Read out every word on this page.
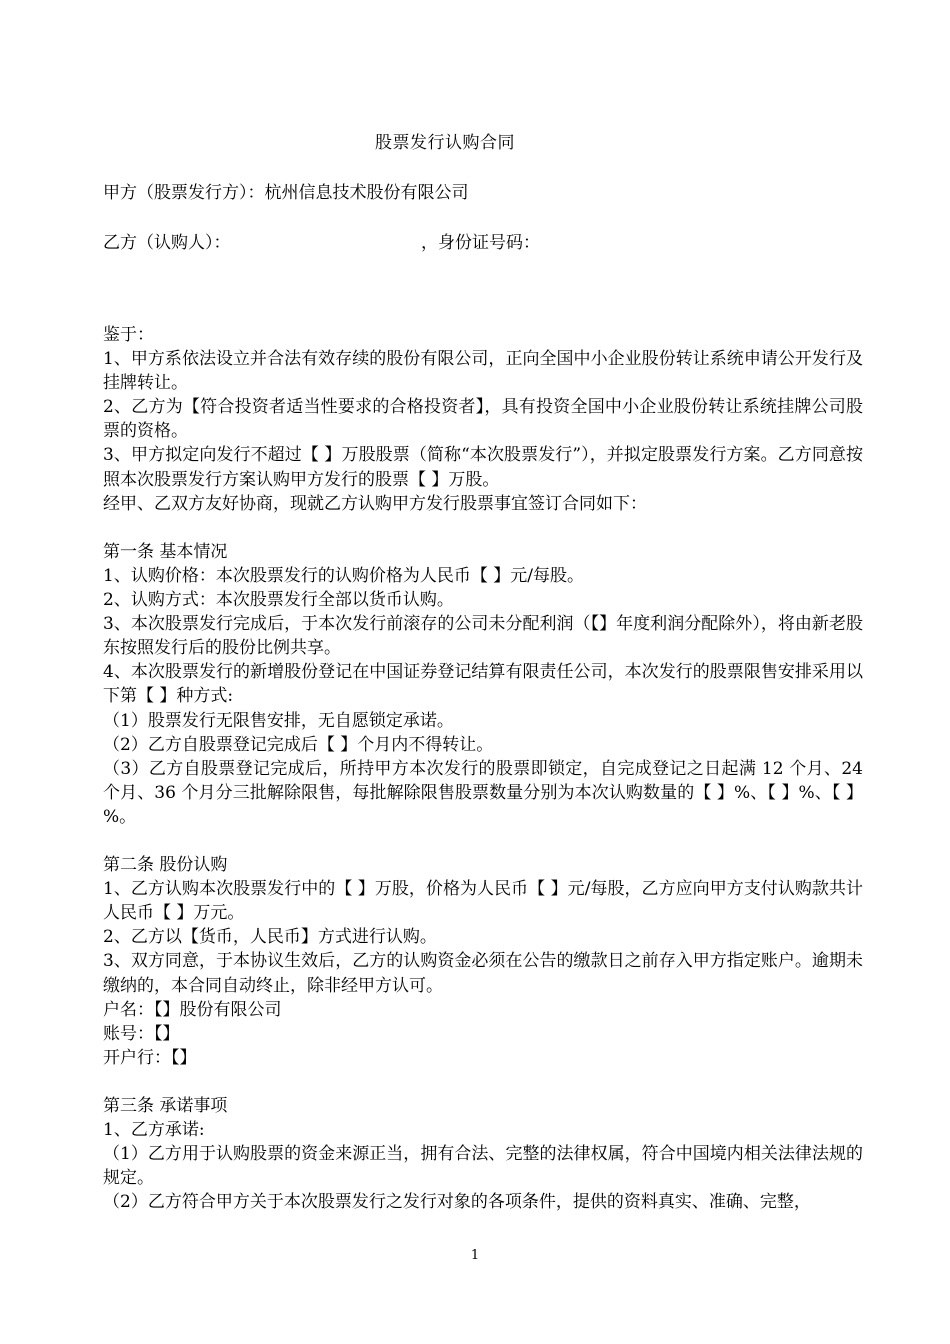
股票发行认购合同
甲方（股票发行方）：杭州信息技术股份有限公司
乙方（认购人）：	，身份证号码：

鉴于：

1、甲方系依法设立并合法有效存续的股份有限公司，正向全国中小企业股份转让系统申请公开发行及挂牌转让。

2、乙方为【符合投资者适当性要求的合格投资者】，具有投资全国中小企业股份转让系统挂牌公司股票的资格。

3、甲方拟定向发行不超过【 】万股股票（简称“本次股票发行”），并拟定股票发行方案。乙方同意按照本次股票发行方案认购甲方发行的股票【 】万股。

经甲、乙双方友好协商，现就乙方认购甲方发行股票事宜签订合同如下：

第一条 基本情况

1、认购价格：本次股票发行的认购价格为人民币【 】元/每股。

2、认购方式：本次股票发行全部以货币认购。

3、本次股票发行完成后，于本次发行前滚存的公司未分配利润（【】年度利润分配除外），将由新老股东按照发行后的股份比例共享。

4、本次股票发行的新增股份登记在中国证券登记结算有限责任公司，本次发行的股票限售安排采用以下第【 】种方式:

（1）股票发行无限售安排，无自愿锁定承诺。

（2）乙方自股票登记完成后【 】个月内不得转让。

（3）乙方自股票登记完成后，所持甲方本次发行的股票即锁定，自完成登记之日起满 12 个月、24 个月、36 个月分三批解除限售，每批解除限售股票数量分别为本次认购数量的【 】%、【 】%、【 】%。

第二条 股份认购

1、乙方认购本次股票发行中的【 】万股，价格为人民币【 】元/每股，乙方应向甲方支付认购款共计人民币【 】万元。

2、乙方以【货币，人民币】方式进行认购。

3、双方同意，于本协议生效后，乙方的认购资金必须在公告的缴款日之前存入甲方指定账户。逾期未缴纳的，本合同自动终止，除非经甲方认可。

户名：【】股份有限公司

账号：【】

开户行：【】

第三条 承诺事项

1、乙方承诺:

（1）乙方用于认购股票的资金来源正当，拥有合法、完整的法律权属，符合中国境内相关法律法规的规定。

（2）乙方符合甲方关于本次股票发行之发行对象的各项条件，提供的资料真实、准确、完整，

1
